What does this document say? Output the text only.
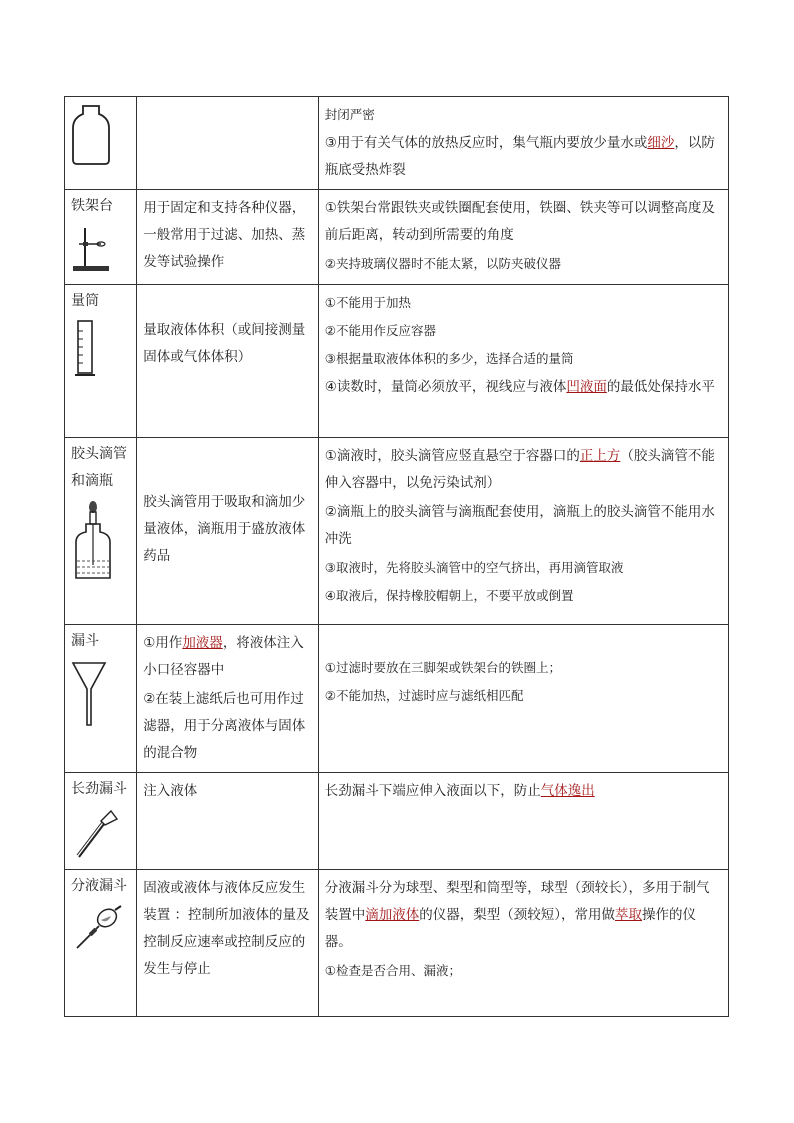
封闭严密
③用于有关气体的放热反应时，集气瓶内要放少量水或细沙，以防瓶底受热炸裂

铁架台	用于固定和支持各种仪器，一般常用于过滤、加热、蒸发等试验操作	①铁架台常跟铁夹或铁圈配套使用，铁圈、铁夹等可以调整高度及前后距离，转动到所需要的角度
②夹持玻璃仪器时不能太紧，以防夹破仪器

量筒	量取液体体积（或间接测量固体或气体体积）	①不能用于加热
②不能用作反应容器
③根据量取液体体积的多少，选择合适的量筒
④读数时，量筒必须放平，视线应与液体凹液面的最低处保持水平

胶头滴管和滴瓶	胶头滴管用于吸取和滴加少量液体，滴瓶用于盛放液体药品	①滴液时，胶头滴管应竖直悬空于容器口的正上方（胶头滴管不能伸入容器中，以免污染试剂）
②滴瓶上的胶头滴管与滴瓶配套使用，滴瓶上的胶头滴管不能用水冲洗
③取液时，先将胶头滴管中的空气挤出，再用滴管取液
④取液后，保持橡胶帽朝上，不要平放或倒置

漏斗	①用作加液器，将液体注入小口径容器中
②在装上滤纸后也可用作过滤器，用于分离液体与固体的混合物	①过滤时要放在三脚架或铁架台的铁圈上；
②不能加热，过滤时应与滤纸相匹配

长劲漏斗	注入液体	长劲漏斗下端应伸入液面以下，防止气体逸出

分液漏斗	固液或液体与液体反应发生装置 ：控制所加液体的量及控制反应速率或控制反应的发生与停止	分液漏斗分为球型、梨型和筒型等，球型（颈较长），多用于制气装置中滴加液体的仪器，梨型（颈较短），常用做萃取操作的仪器。
①检查是否合用、漏液；
